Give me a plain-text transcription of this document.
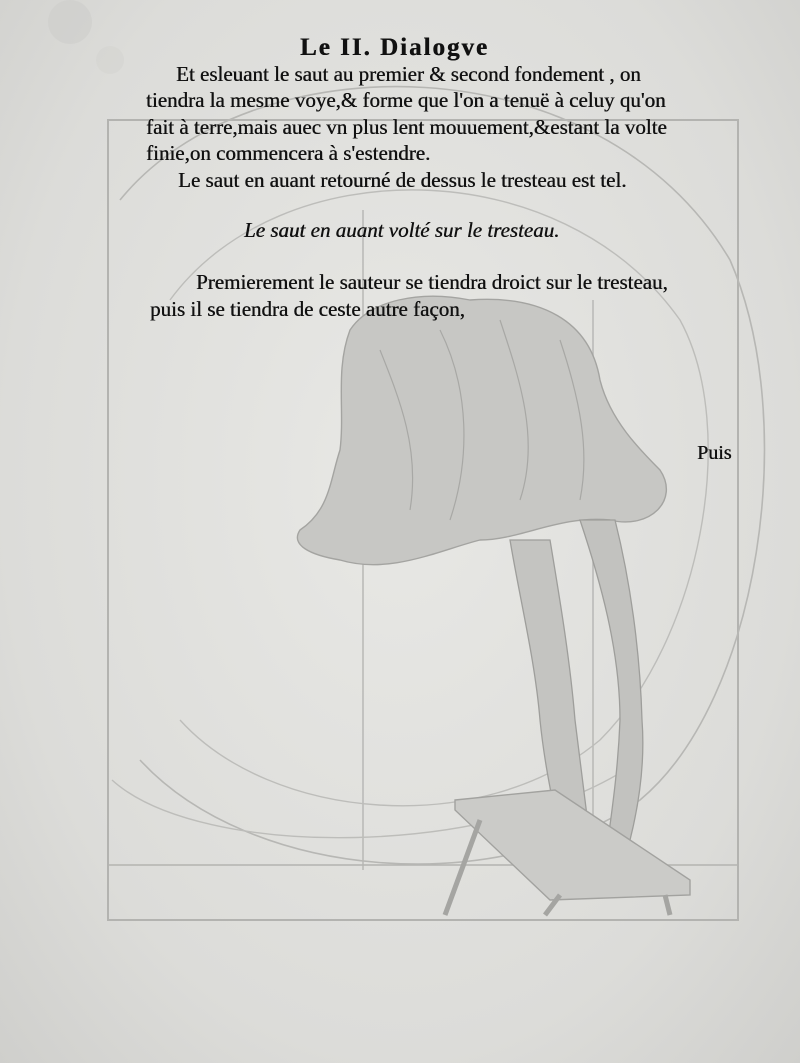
Le II. Dialogve
Et esleuant le saut au premier & second fondement , on
tiendra la mesme voye,& forme que l'on a tenuë à celuy qu'on
fait à terre,mais auec vn plus lent mouuement,&estant la volte
finie,on commencera à s'estendre.
Le saut en auant retourné de dessus le tresteau est tel.
Le saut en auant volté sur le tresteau.
Premierement le sauteur se tiendra droict sur le tresteau,
puis il se tiendra de ceste autre façon,
Puis
